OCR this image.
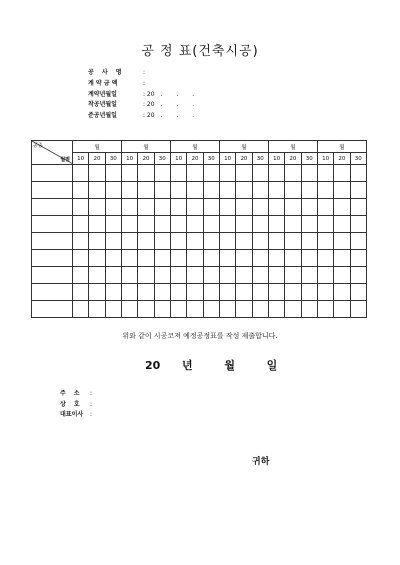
공 정 표(건축시공)
공 사 명	:
계 약 금 액	:
계약년월일	: 20 . . .
착공년월일	: 20 . . .
준공년월일	: 20 . . .
공종
월별	월			월			월			월			월			월		
	10	20	30	10	20	30	10	20	30	10	20	30	10	20	30	10	20	30

위와 같이 시공코져 예정공정표를 작성 제출합니다.
20 년	월	일
주 소	:
상 호	:
대표이사	:
귀하
